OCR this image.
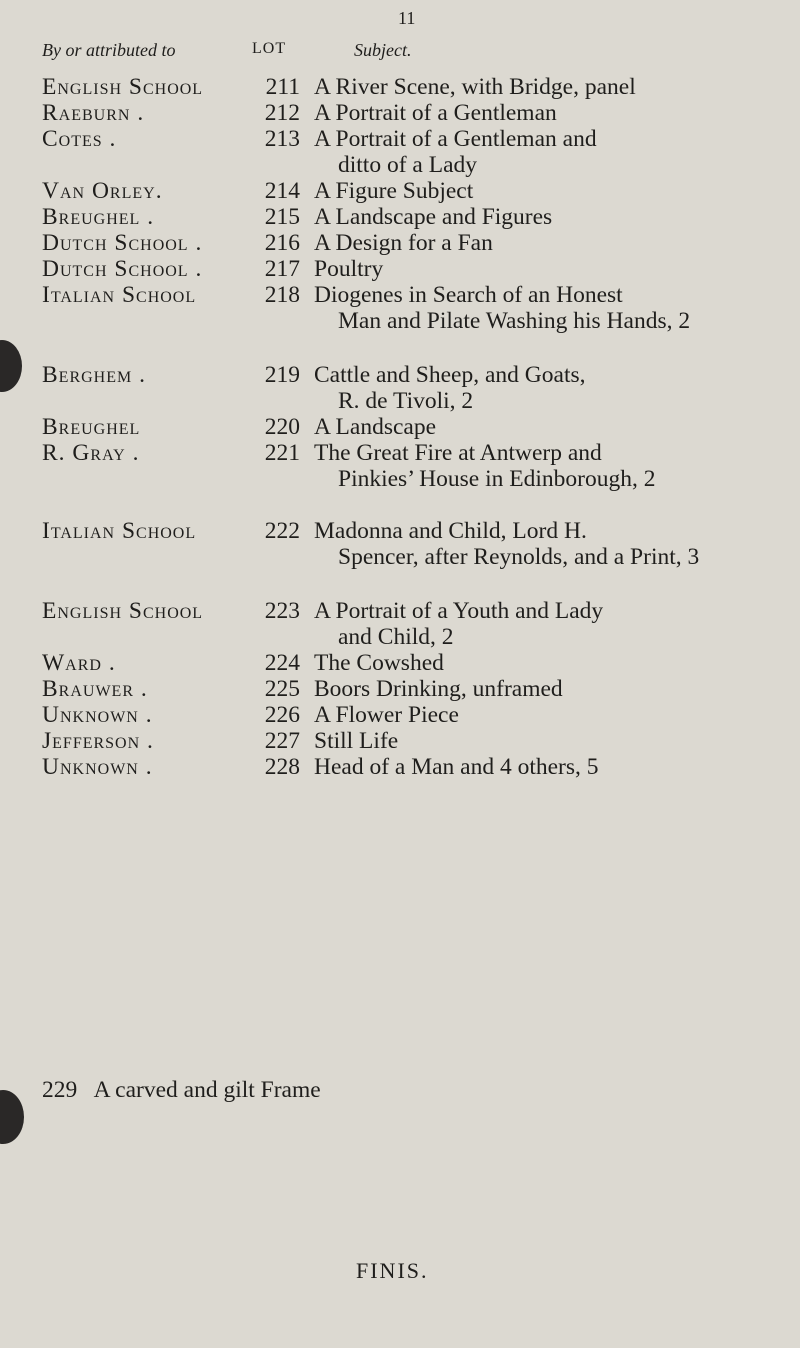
11
By or attributed to	LOT	Subject.
English School	211 A River Scene, with Bridge, panel
Raeburn .	212 A Portrait of a Gentleman
Cotes .	213 A Portrait of a Gentleman and
ditto of a Lady
Van Orley.	214 A Figure Subject
Breughel .	215 A Landscape and Figures
Dutch School .	216 A Design for a Fan
Dutch School .	217 Poultry
Italian School	218 Diogenes in Search of an Honest
Man and Pilate Washing his Hands, 2
Berghem .	219 Cattle and Sheep, and Goats,
R. de Tivoli, 2
Breughel	220 A Landscape
R. Gray .	221 The Great Fire at Antwerp and
Pinkies’ House in Edinborough, 2
Italian School	222 Madonna and Child, Lord H.
Spencer, after Reynolds, and a Print, 3
English School	223 A Portrait of a Youth and Lady
and Child, 2
Ward .	224 The Cowshed
Brauwer .	225 Boors Drinking, unframed
Unknown .	226 A Flower Piece
Jefferson .	227 Still Life
Unknown .	228 Head of a Man and 4 others, 5
229 A carved and gilt Frame
FINIS.
